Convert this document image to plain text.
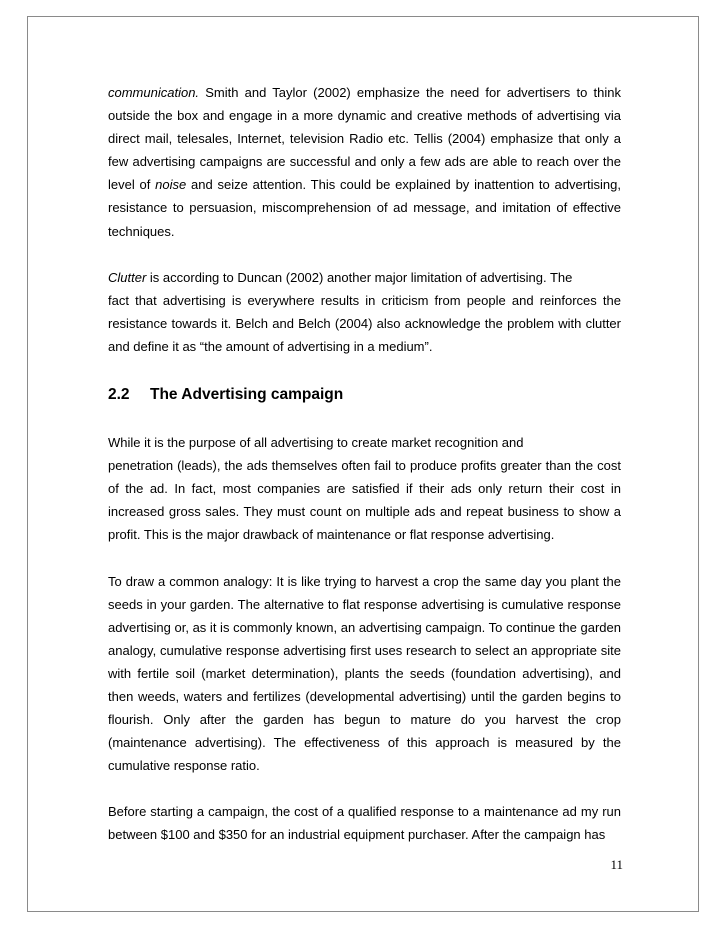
communication. Smith and Taylor (2002) emphasize the need for advertisers to think outside the box and engage in a more dynamic and creative methods of advertising via direct mail, telesales, Internet, television Radio etc. Tellis (2004) emphasize that only a few advertising campaigns are successful and only a few ads are able to reach over the level of noise and seize attention. This could be explained by inattention to advertising, resistance to persuasion, miscomprehension of ad message, and imitation of effective techniques.

Clutter is according to Duncan (2002) another major limitation of advertising. The
fact that advertising is everywhere results in criticism from people and reinforces the resistance towards it. Belch and Belch (2004) also acknowledge the problem with clutter and define it as “the amount of advertising in a medium”.

2.2	The Advertising campaign

While it is the purpose of all advertising to create market recognition and
penetration (leads), the ads themselves often fail to produce profits greater than the cost of the ad. In fact, most companies are satisfied if their ads only return their cost in increased gross sales. They must count on multiple ads and repeat business to show a profit. This is the major drawback of maintenance or flat response advertising.

To draw a common analogy: It is like trying to harvest a crop the same day you plant the seeds in your garden. The alternative to flat response advertising is cumulative response advertising or, as it is commonly known, an advertising campaign. To continue the garden analogy, cumulative response advertising first uses research to select an appropriate site with fertile soil (market determination), plants the seeds (foundation advertising), and then weeds, waters and fertilizes (developmental advertising) until the garden begins to flourish. Only after the garden has begun to mature do you harvest the crop (maintenance advertising). The effectiveness of this approach is measured by the cumulative response ratio.

Before starting a campaign, the cost of a qualified response to a maintenance ad my run between $100 and $350 for an industrial equipment purchaser. After the campaign has

11
